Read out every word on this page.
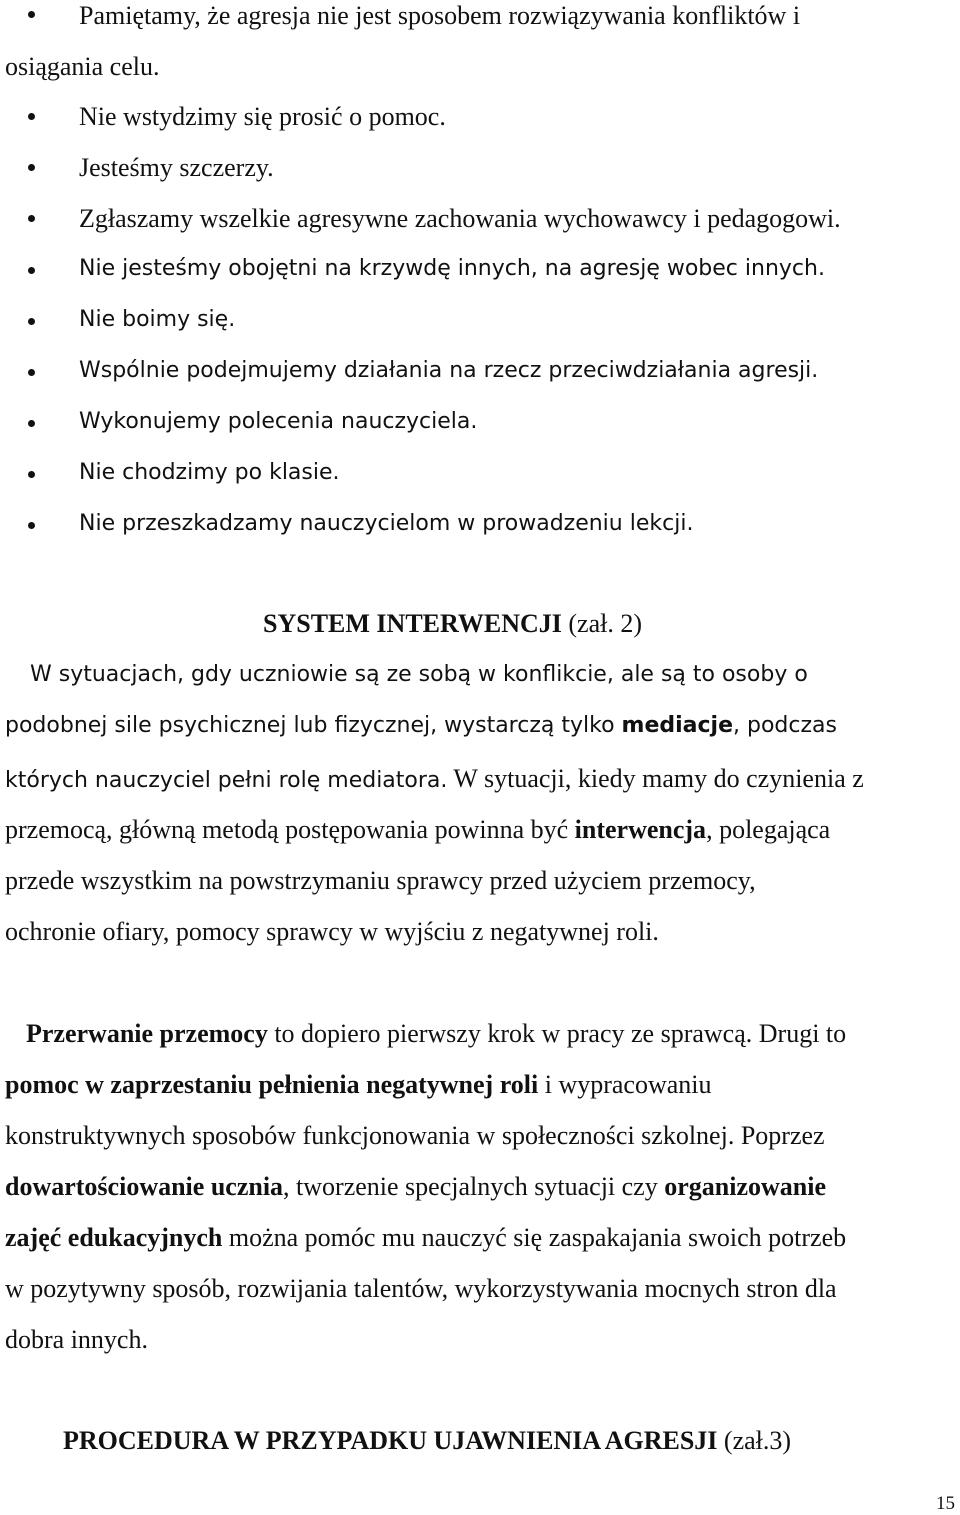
Pamiętamy, że agresja nie jest sposobem rozwiązywania konfliktów i
osiągania celu.
Nie wstydzimy się prosić o pomoc.
Jesteśmy szczerzy.
Zgłaszamy wszelkie agresywne zachowania wychowawcy i pedagogowi.
Nie jesteśmy obojętni na krzywdę innych, na agresję wobec innych.
Nie boimy się.
Wspólnie podejmujemy działania na rzecz przeciwdziałania agresji.
Wykonujemy polecenia nauczyciela.
Nie chodzimy po klasie.
Nie przeszkadzamy nauczycielom w prowadzeniu lekcji.
SYSTEM INTERWENCJI (zał. 2)
W sytuacjach, gdy uczniowie są ze sobą w konflikcie, ale są to osoby o
podobnej sile psychicznej lub fizycznej, wystarczą tylko mediacje, podczas
których nauczyciel pełni rolę mediatora. W sytuacji, kiedy mamy do czynienia z
przemocą, główną metodą postępowania powinna być interwencja, polegająca
przede wszystkim na powstrzymaniu sprawcy przed użyciem przemocy,
ochronie ofiary, pomocy sprawcy w wyjściu z negatywnej roli.
Przerwanie przemocy to dopiero pierwszy krok w pracy ze sprawcą. Drugi to
pomoc w zaprzestaniu pełnienia negatywnej roli i wypracowaniu
konstruktywnych sposobów funkcjonowania w społeczności szkolnej. Poprzez
dowartościowanie ucznia, tworzenie specjalnych sytuacji czy organizowanie
zajęć edukacyjnych można pomóc mu nauczyć się zaspakajania swoich potrzeb
w pozytywny sposób, rozwijania talentów, wykorzystywania mocnych stron dla
dobra innych.
PROCEDURA W PRZYPADKU UJAWNIENIA AGRESJI (zał.3)
15
